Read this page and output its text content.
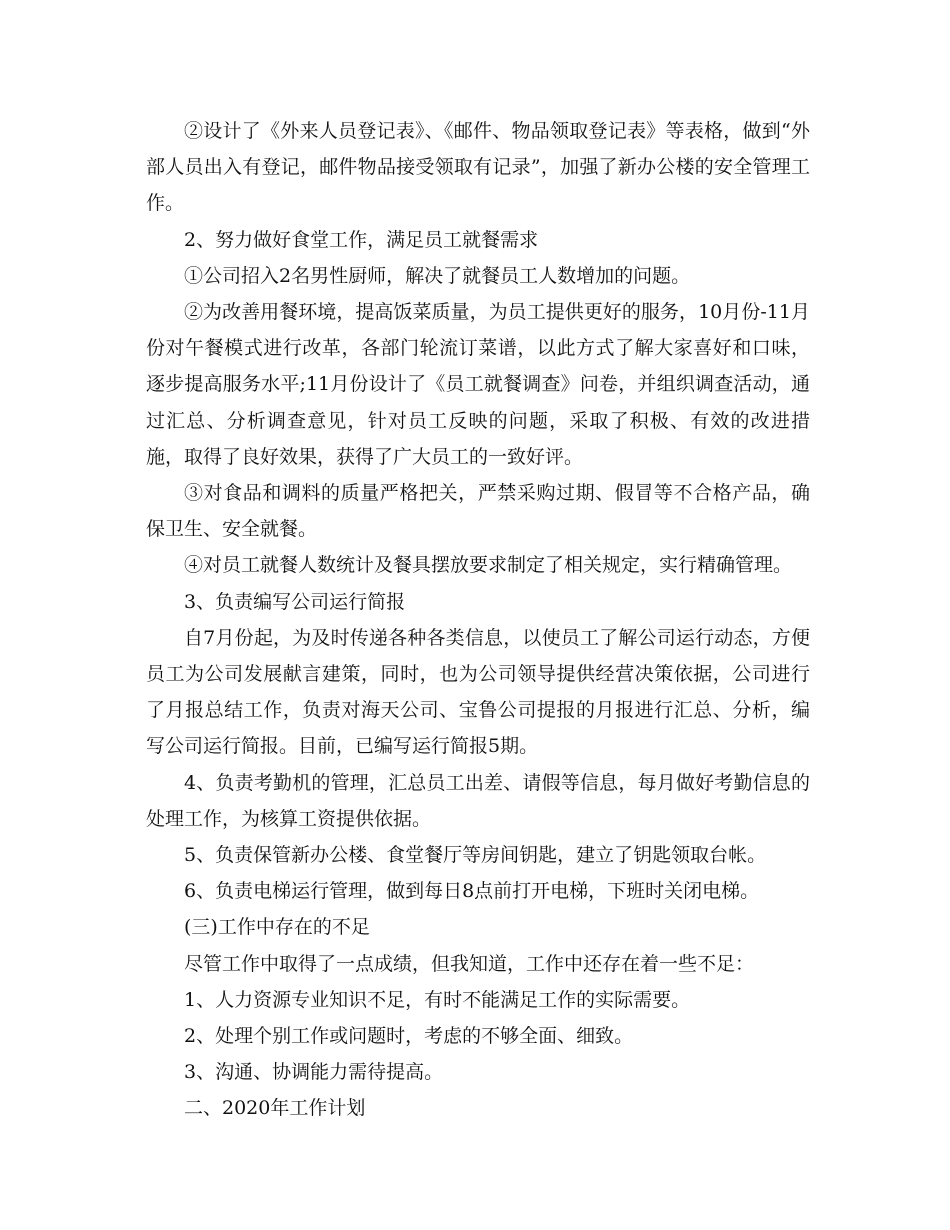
②设计了《外来人员登记表》、《邮件、物品领取登记表》等表格，做到“外部人员出入有登记，邮件物品接受领取有记录”，加强了新办公楼的安全管理工作。

2、努力做好食堂工作，满足员工就餐需求

①公司招入2名男性厨师，解决了就餐员工人数增加的问题。

②为改善用餐环境，提高饭菜质量，为员工提供更好的服务，10月份-11月份对午餐模式进行改革，各部门轮流订菜谱，以此方式了解大家喜好和口味，逐步提高服务水平;11月份设计了《员工就餐调查》问卷，并组织调查活动，通过汇总、分析调查意见，针对员工反映的问题，采取了积极、有效的改进措施，取得了良好效果，获得了广大员工的一致好评。

③对食品和调料的质量严格把关，严禁采购过期、假冒等不合格产品，确保卫生、安全就餐。

④对员工就餐人数统计及餐具摆放要求制定了相关规定，实行精确管理。

3、负责编写公司运行简报

自7月份起，为及时传递各种各类信息，以使员工了解公司运行动态，方便员工为公司发展献言建策，同时，也为公司领导提供经营决策依据，公司进行了月报总结工作，负责对海天公司、宝鲁公司提报的月报进行汇总、分析，编写公司运行简报。目前，已编写运行简报5期。

4、负责考勤机的管理，汇总员工出差、请假等信息，每月做好考勤信息的处理工作，为核算工资提供依据。

5、负责保管新办公楼、食堂餐厅等房间钥匙，建立了钥匙领取台帐。

6、负责电梯运行管理，做到每日8点前打开电梯，下班时关闭电梯。

(三)工作中存在的不足

尽管工作中取得了一点成绩，但我知道，工作中还存在着一些不足：

1、人力资源专业知识不足，有时不能满足工作的实际需要。

2、处理个别工作或问题时，考虑的不够全面、细致。

3、沟通、协调能力需待提高。

二、2020年工作计划
